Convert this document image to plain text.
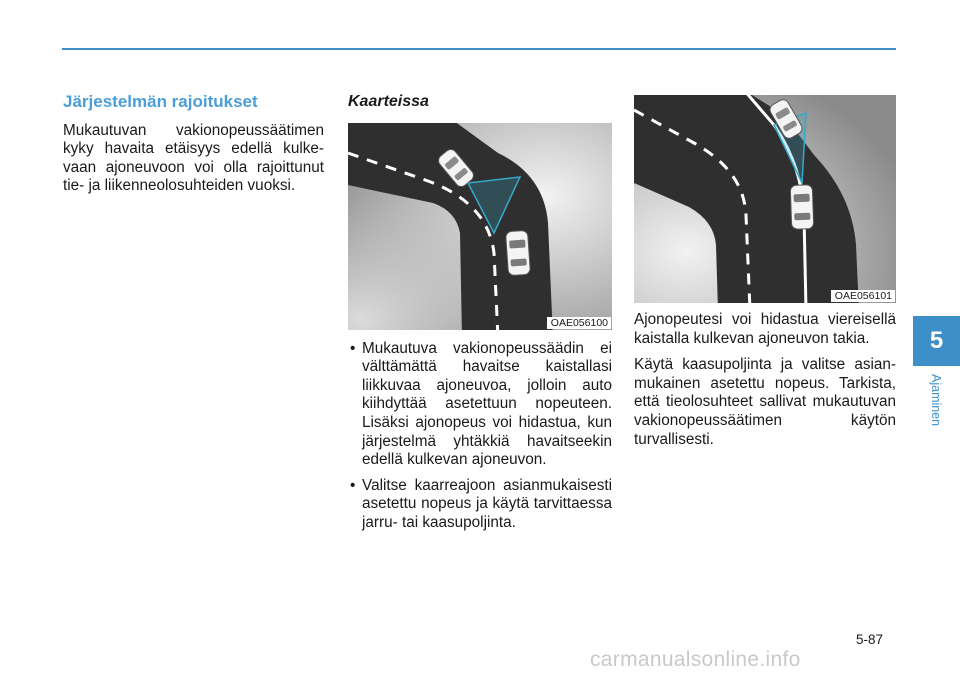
Järjestelmän rajoitukset

Mukautuvan vakionopeussäätimen kyky havaita etäisyys edellä kulkevaan ajoneuvoon voi olla rajoittunut tie- ja liikenneolosuhteiden vuoksi.

Kaarteissa
OAE056100
• Mukautuva vakionopeussäädin ei välttämättä havaitse kaistallasi liikkuvaa ajoneuvoa, jolloin auto kiihdyttää asetettuun nopeuteen. Lisäksi ajonopeus voi hidastua, kun järjestelmä yhtäkkiä havaitseekin edellä kulkevan ajoneuvon.
• Valitse kaarreajoon asianmukaisesti asetettu nopeus ja käytä tarvittaessa jarru- tai kaasupoljinta.
OAE056101

Ajonopeutesi voi hidastua viereisellä kaistalla kulkevan ajoneuvon takia.

Käytä kaasupoljinta ja valitse asianmukainen asetettu nopeus. Tarkista, että tieolosuhteet sallivat mukautuvan vakionopeussäätimen käytön turvallisesti.

5
Ajaminen
5-87
carmanualsonline.info
